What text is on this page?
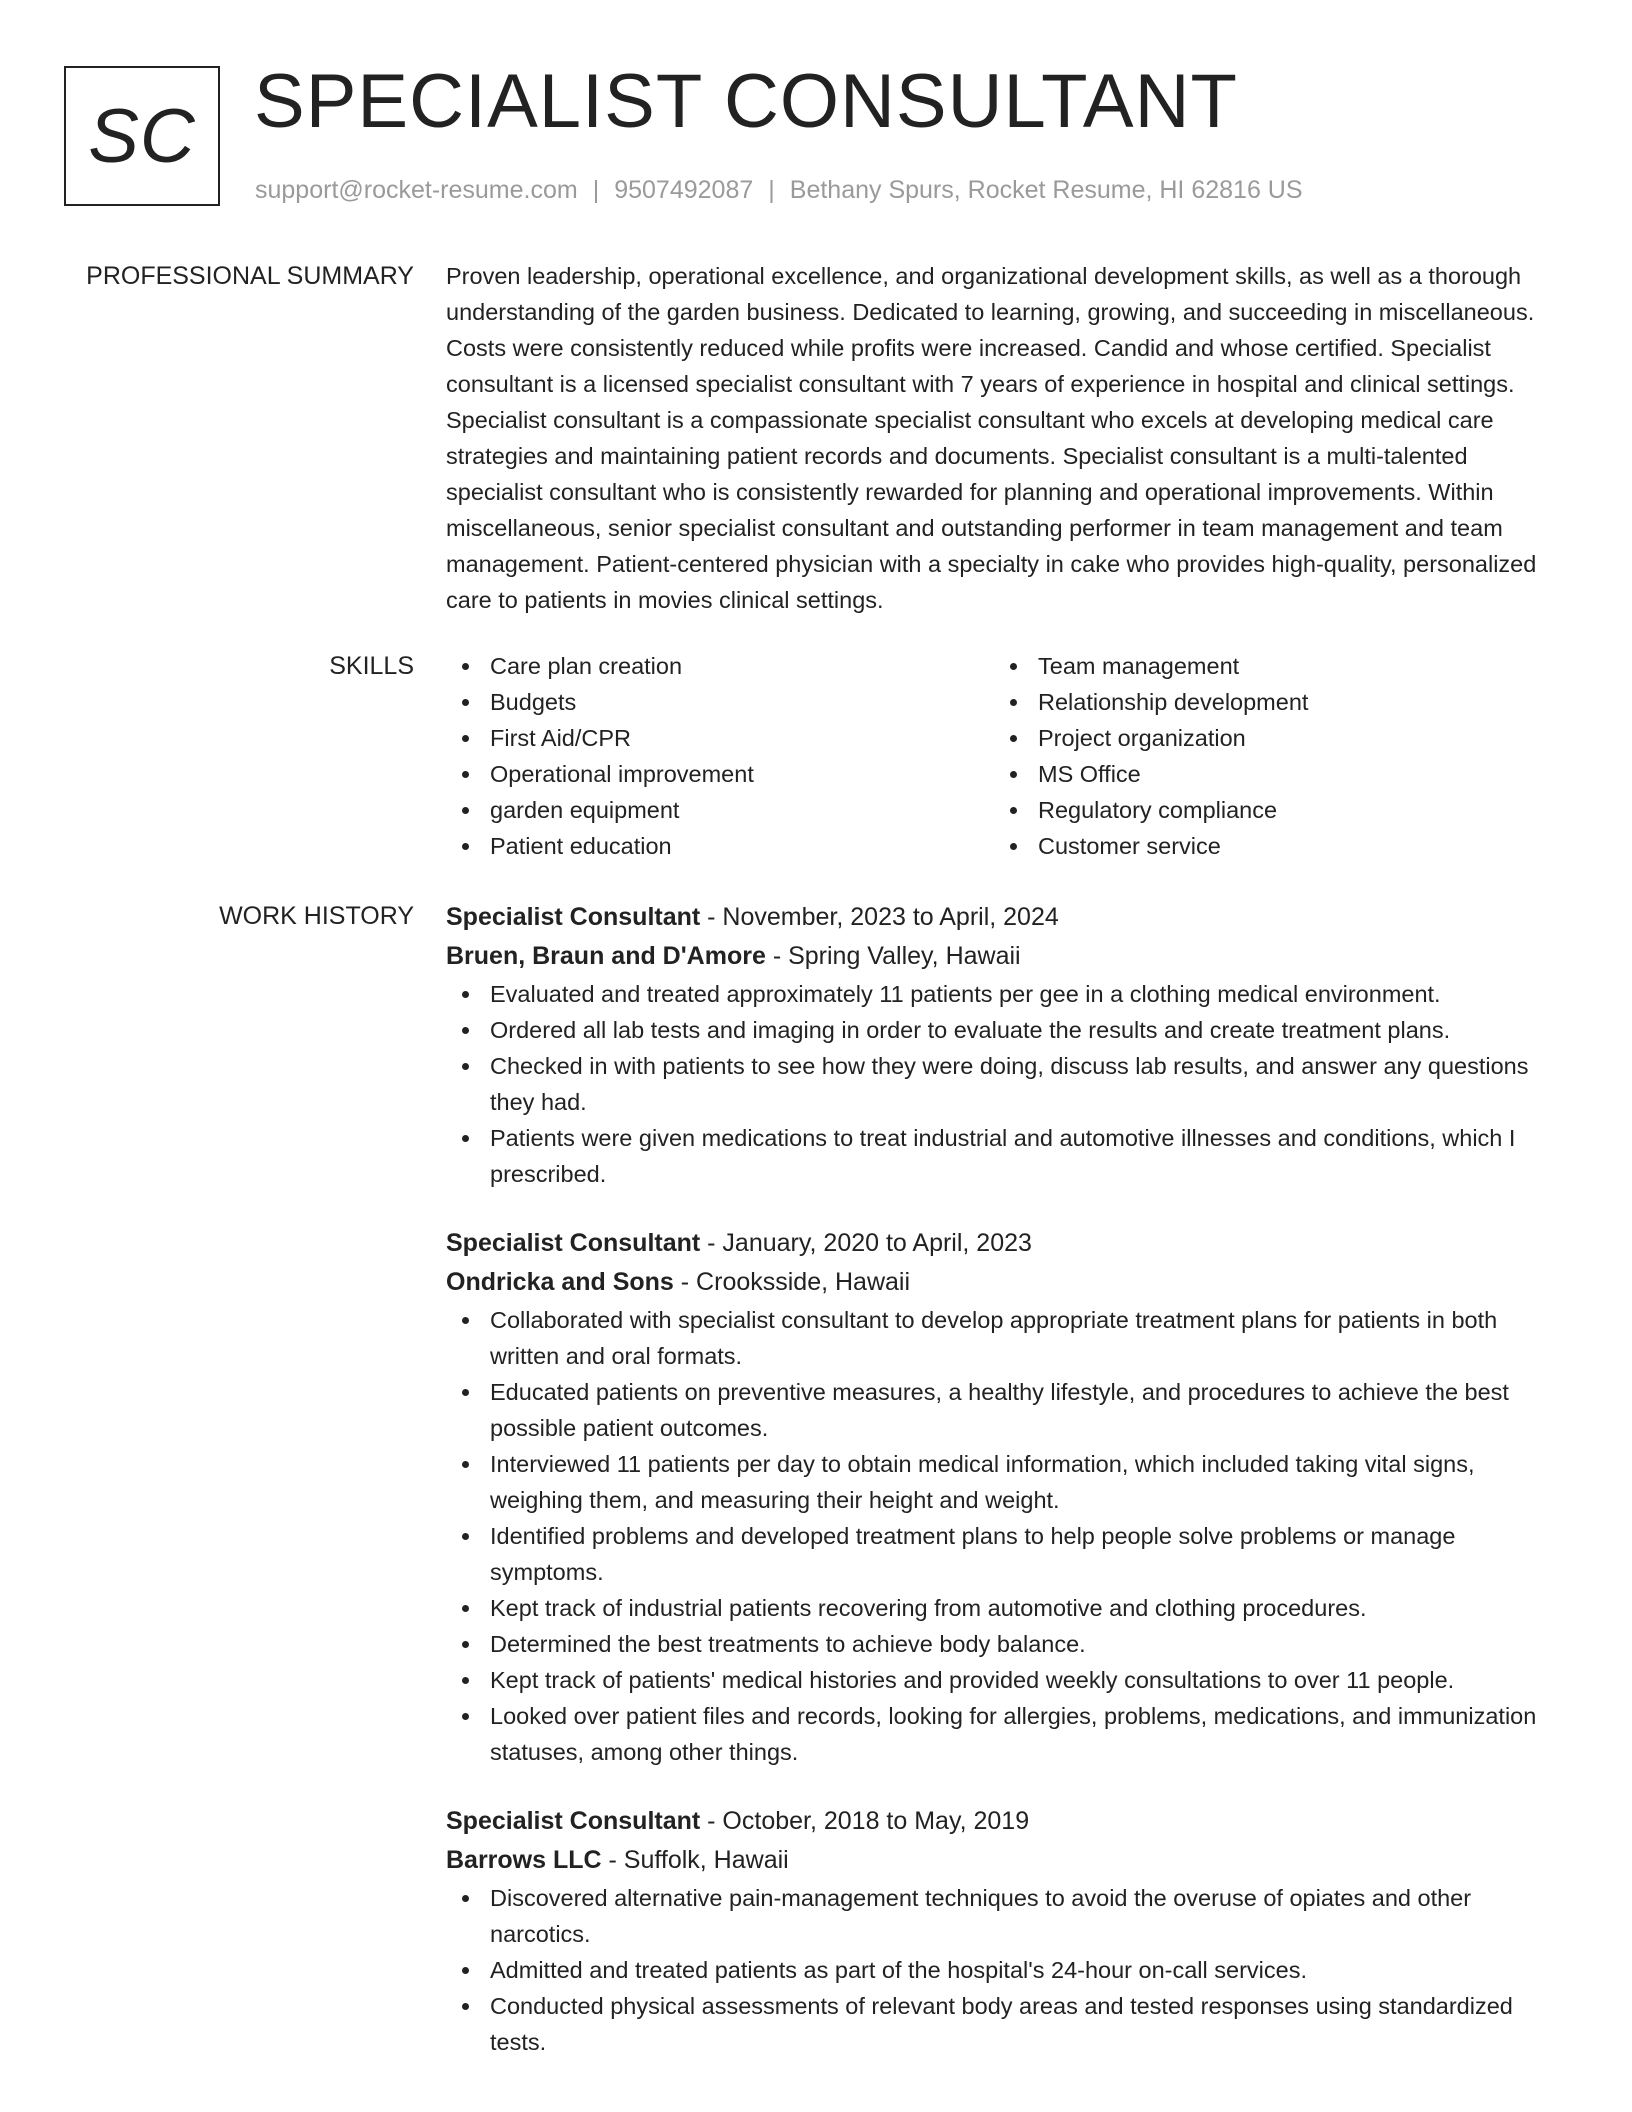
SC SPECIALIST CONSULTANT
support@rocket-resume.com | 9507492087 | Bethany Spurs, Rocket Resume, HI 62816 US
PROFESSIONAL SUMMARY Proven leadership, operational excellence, and organizational development skills, as well as a thorough understanding of the garden business. Dedicated to learning, growing, and succeeding in miscellaneous. Costs were consistently reduced while profits were increased. Candid and whose certified. Specialist consultant is a licensed specialist consultant with 7 years of experience in hospital and clinical settings. Specialist consultant is a compassionate specialist consultant who excels at developing medical care strategies and maintaining patient records and documents. Specialist consultant is a multi-talented specialist consultant who is consistently rewarded for planning and operational improvements. Within miscellaneous, senior specialist consultant and outstanding performer in team management and team management. Patient-centered physician with a specialty in cake who provides high-quality, personalized care to patients in movies clinical settings.

SKILLS	Care plan creation
Budgets
First Aid/CPR
Operational improvement
garden equipment
Patient education
Team management
Relationship development
Project organization
MS Office
Regulatory compliance
Customer service
WORK HISTORY Specialist Consultant - November, 2023 to April, 2024
Bruen, Braun and D'Amore - Spring Valley, Hawaii
Evaluated and treated approximately 11 patients per gee in a clothing medical environment.
Ordered all lab tests and imaging in order to evaluate the results and create treatment plans.
Checked in with patients to see how they were doing, discuss lab results, and answer any questions they had.
Patients were given medications to treat industrial and automotive illnesses and conditions, which I prescribed.
Specialist Consultant - January, 2020 to April, 2023
Ondricka and Sons - Crooksside, Hawaii
Collaborated with specialist consultant to develop appropriate treatment plans for patients in both written and oral formats.
Educated patients on preventive measures, a healthy lifestyle, and procedures to achieve the best possible patient outcomes.
Interviewed 11 patients per day to obtain medical information, which included taking vital signs, weighing them, and measuring their height and weight.
Identified problems and developed treatment plans to help people solve problems or manage symptoms.
Kept track of industrial patients recovering from automotive and clothing procedures.
Determined the best treatments to achieve body balance.
Kept track of patients' medical histories and provided weekly consultations to over 11 people.
Looked over patient files and records, looking for allergies, problems, medications, and immunization statuses, among other things.
Specialist Consultant - October, 2018 to May, 2019
Barrows LLC - Suffolk, Hawaii
Discovered alternative pain-management techniques to avoid the overuse of opiates and other narcotics.
Admitted and treated patients as part of the hospital's 24-hour on-call services.
Conducted physical assessments of relevant body areas and tested responses using standardized tests.
